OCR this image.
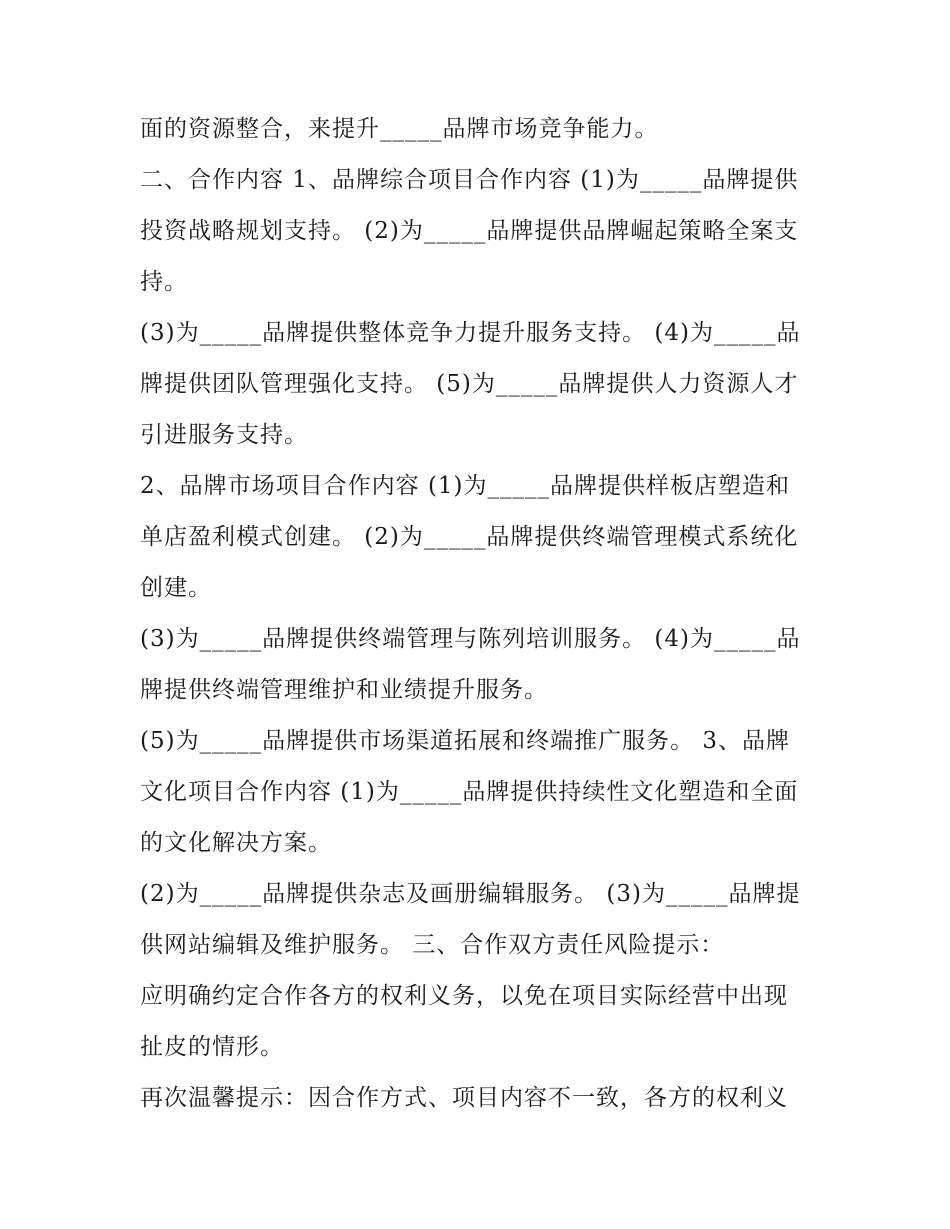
面的资源整合，来提升_____品牌市场竞争能力。
二、合作内容 1、品牌综合项目合作内容 (1)为_____品牌提供
投资战略规划支持。 (2)为_____品牌提供品牌崛起策略全案支
持。
(3)为_____品牌提供整体竞争力提升服务支持。 (4)为_____品
牌提供团队管理强化支持。 (5)为_____品牌提供人力资源人才
引进服务支持。
2、品牌市场项目合作内容 (1)为_____品牌提供样板店塑造和
单店盈利模式创建。 (2)为_____品牌提供终端管理模式系统化
创建。
(3)为_____品牌提供终端管理与陈列培训服务。 (4)为_____品
牌提供终端管理维护和业绩提升服务。
(5)为_____品牌提供市场渠道拓展和终端推广服务。 3、品牌
文化项目合作内容 (1)为_____品牌提供持续性文化塑造和全面
的文化解决方案。
(2)为_____品牌提供杂志及画册编辑服务。 (3)为_____品牌提
供网站编辑及维护服务。 三、合作双方责任风险提示：
应明确约定合作各方的权利义务，以免在项目实际经营中出现
扯皮的情形。
再次温馨提示：因合作方式、项目内容不一致，各方的权利义
